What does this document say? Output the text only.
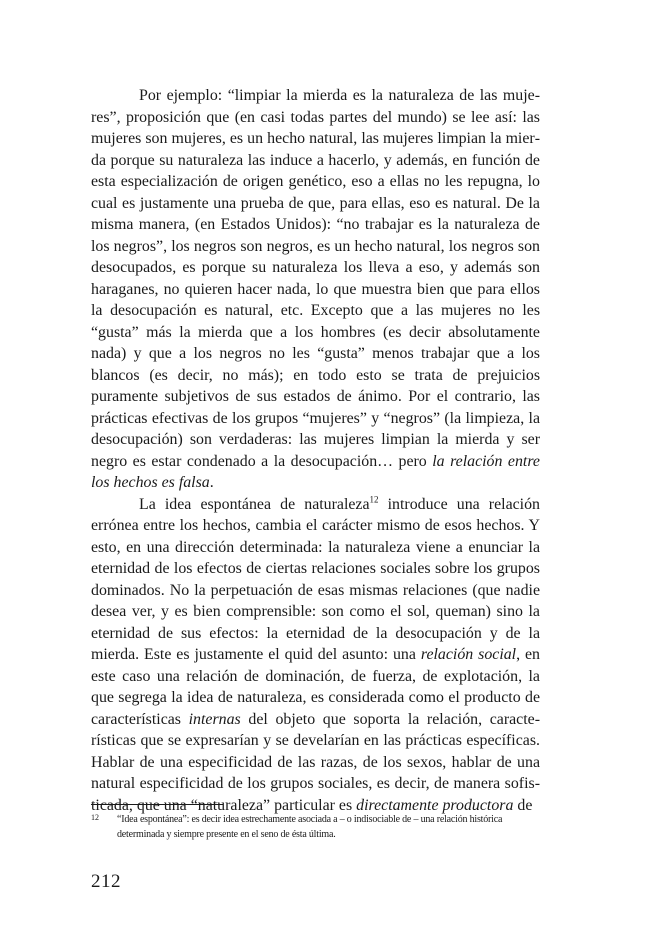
Por ejemplo: “limpiar la mierda es la naturaleza de las mujeres”, proposición que (en casi todas partes del mundo) se lee así: las mujeres son mujeres, es un hecho natural, las mujeres limpian la mierda porque su naturaleza las induce a hacerlo, y además, en función de esta especialización de origen genético, eso a ellas no les repugna, lo cual es justamente una prueba de que, para ellas, eso es natural. De la misma manera, (en Estados Unidos): “no trabajar es la naturaleza de los negros”, los negros son negros, es un hecho natural, los negros son desocupados, es porque su naturaleza los lleva a eso, y además son haraganes, no quieren hacer nada, lo que muestra bien que para ellos la desocupación es natural, etc. Excepto que a las mujeres no les “gusta” más la mierda que a los hombres (es decir absolutamente nada) y que a los negros no les “gusta” menos trabajar que a los blancos (es decir, no más); en todo esto se trata de prejuicios puramente subjetivos de sus estados de ánimo. Por el contrario, las prácticas efectivas de los grupos “mujeres” y “negros” (la limpieza, la desocupación) son verdaderas: las mujeres limpian la mierda y ser negro es estar condenado a la desocupación… pero la relación entre los hechos es falsa.

La idea espontánea de naturaleza$^{12}$ introduce una relación errónea entre los hechos, cambia el carácter mismo de esos hechos. Y esto, en una dirección determinada: la naturaleza viene a enunciar la eternidad de los efectos de ciertas relaciones sociales sobre los grupos dominados. No la perpetuación de esas mismas relaciones (que nadie desea ver, y es bien comprensible: son como el sol, queman) sino la eternidad de sus efectos: la eternidad de la desocupación y de la mierda. Este es justamente el quid del asunto: una relación social, en este caso una relación de dominación, de fuerza, de explotación, la que segrega la idea de naturaleza, es considerada como el producto de características internas del objeto que soporta la relación, características que se expresarían y se develarían en las prácticas específicas. Hablar de una especificidad de las razas, de los sexos, hablar de una natural especificidad de los grupos sociales, es decir, de manera sofisticada, que una “naturaleza” particular es directamente productora de

12 “Idea espontánea”: es decir idea estrechamente asociada a – o indisociable de – una relación histórica determinada y siempre presente en el seno de ésta última.

212
